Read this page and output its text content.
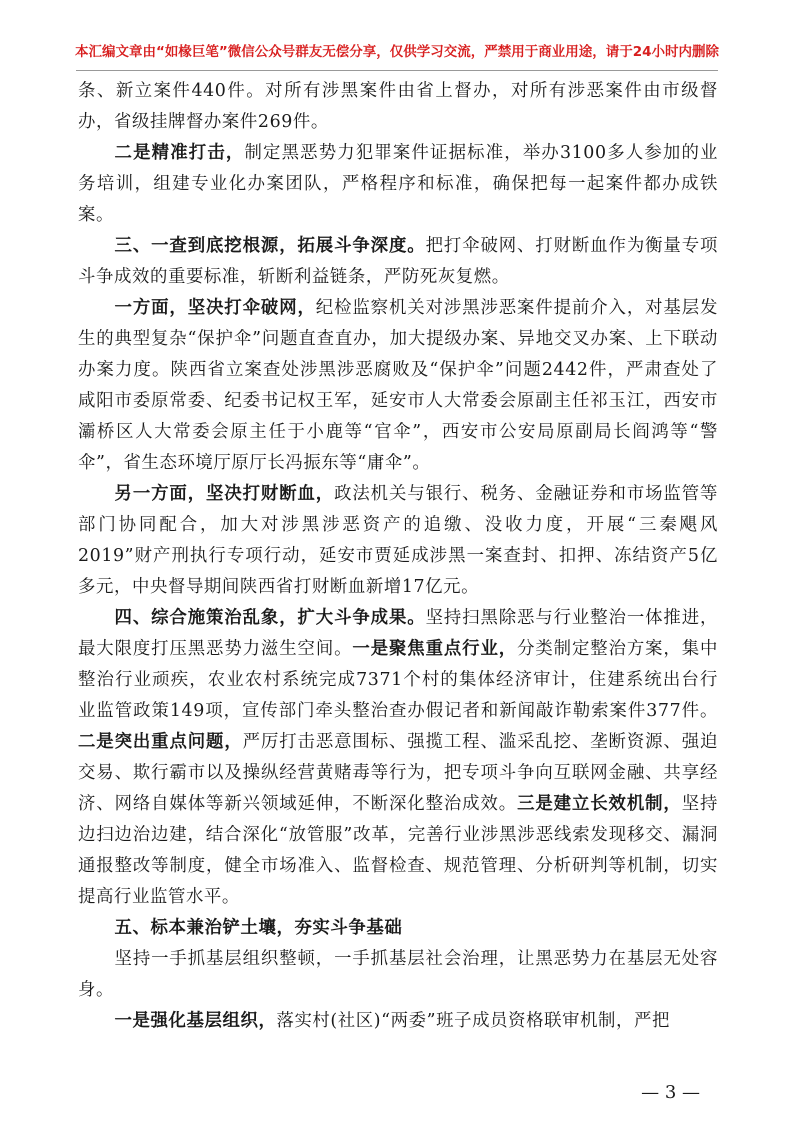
本汇编文章由“如椽巨笔”微信公众号群友无偿分享，仅供学习交流，严禁用于商业用途，请于24小时内删除

条、新立案件440件。对所有涉黑案件由省上督办，对所有涉恶案件由市级督办，省级挂牌督办案件269件。

二是精准打击，制定黑恶势力犯罪案件证据标准，举办3100多人参加的业务培训，组建专业化办案团队，严格程序和标准，确保把每一起案件都办成铁案。

三、一查到底挖根源，拓展斗争深度。把打伞破网、打财断血作为衡量专项斗争成效的重要标准，斩断利益链条，严防死灰复燃。

一方面，坚决打伞破网，纪检监察机关对涉黑涉恶案件提前介入，对基层发生的典型复杂“保护伞”问题直查直办，加大提级办案、异地交叉办案、上下联动办案力度。陕西省立案查处涉黑涉恶腐败及“保护伞”问题2442件，严肃查处了咸阳市委原常委、纪委书记权王军，延安市人大常委会原副主任祁玉江，西安市灞桥区人大常委会原主任于小鹿等“官伞”，西安市公安局原副局长阎鸿等“警伞”，省生态环境厅原厅长冯振东等“庸伞”。

另一方面，坚决打财断血，政法机关与银行、税务、金融证券和市场监管等部门协同配合，加大对涉黑涉恶资产的追缴、没收力度，开展“三秦飓风2019”财产刑执行专项行动，延安市贾延成涉黑一案查封、扣押、冻结资产5亿多元，中央督导期间陕西省打财断血新增17亿元。

四、综合施策治乱象，扩大斗争成果。坚持扫黑除恶与行业整治一体推进，最大限度打压黑恶势力滋生空间。一是聚焦重点行业，分类制定整治方案，集中整治行业顽疾，农业农村系统完成7371个村的集体经济审计，住建系统出台行业监管政策149项，宣传部门牵头整治查办假记者和新闻敲诈勒索案件377件。二是突出重点问题，严厉打击恶意围标、强揽工程、滥采乱挖、垄断资源、强迫交易、欺行霸市以及操纵经营黄赌毒等行为，把专项斗争向互联网金融、共享经济、网络自媒体等新兴领域延伸，不断深化整治成效。三是建立长效机制，坚持边扫边治边建，结合深化“放管服”改革，完善行业涉黑涉恶线索发现移交、漏洞通报整改等制度，健全市场准入、监督检查、规范管理、分析研判等机制，切实提高行业监管水平。

五、标本兼治铲土壤，夯实斗争基础

坚持一手抓基层组织整顿，一手抓基层社会治理，让黑恶势力在基层无处容身。

一是强化基层组织，落实村(社区)“两委”班子成员资格联审机制，严把

— 3 —
